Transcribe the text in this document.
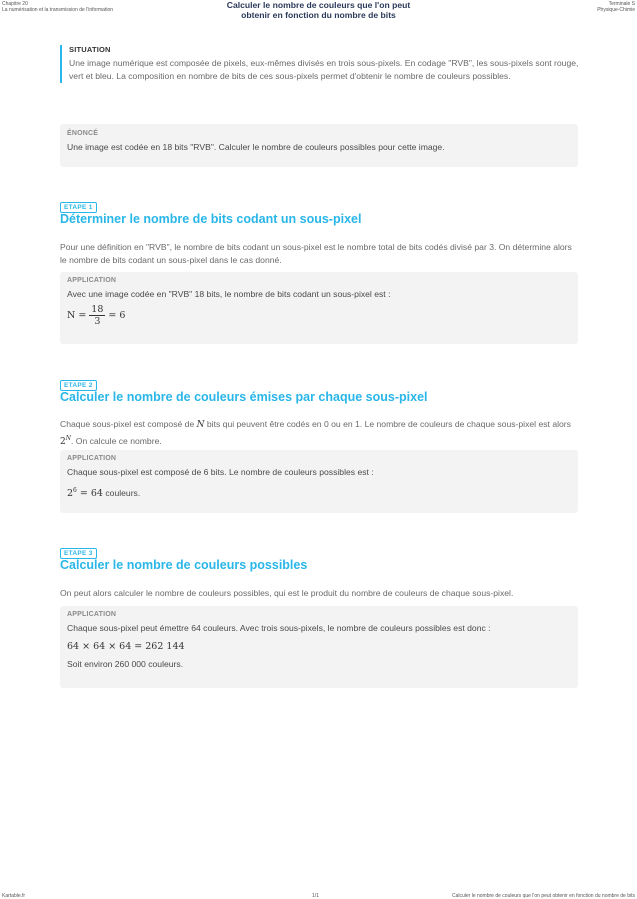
Chapitre 20
La numérisation et la transmission de l'information	Calculer le nombre de couleurs que l'on peut
obtenir en fonction du nombre de bits
Terminale S
Physique-Chimie
SITUATION
Une image numérique est composée de pixels, eux-mêmes divisés en trois sous-pixels. En codage "RVB", les sous-pixels sont rouge, vert et bleu. La composition en nombre de bits de ces sous-pixels permet d'obtenir le nombre de couleurs possibles.
ÉNONCÉ
Une image est codée en 18 bits "RVB". Calculer le nombre de couleurs possibles pour cette image.
ETAPE 1
Déterminer le nombre de bits codant un sous-pixel
Pour une définition en "RVB", le nombre de bits codant un sous-pixel est le nombre total de bits codés divisé par 3. On détermine alors le nombre de bits codant un sous-pixel dans le cas donné.
APPLICATION
Avec une image codée en "RVB" 18 bits, le nombre de bits codant un sous-pixel est :
$N = \frac{18}{3} = 6$
ETAPE 2
Calculer le nombre de couleurs émises par chaque sous-pixel
Chaque sous-pixel est composé de N bits qui peuvent être codés en 0 ou en 1. Le nombre de couleurs de chaque sous-pixel est alors $2^N$. On calcule ce nombre.
APPLICATION
Chaque sous-pixel est composé de 6 bits. Le nombre de couleurs possibles est :
$2^6 = 64$ couleurs.
ETAPE 3
Calculer le nombre de couleurs possibles
On peut alors calculer le nombre de couleurs possibles, qui est le produit du nombre de couleurs de chaque sous-pixel.
APPLICATION
Chaque sous-pixel peut émettre 64 couleurs. Avec trois sous-pixels, le nombre de couleurs possibles est donc :
64 × 64 × 64 = 262 144
Soit environ 260 000 couleurs.
Kartable.fr	1/1	Calculer le nombre de couleurs que l'on peut obtenir en fonction du nombre de bits
